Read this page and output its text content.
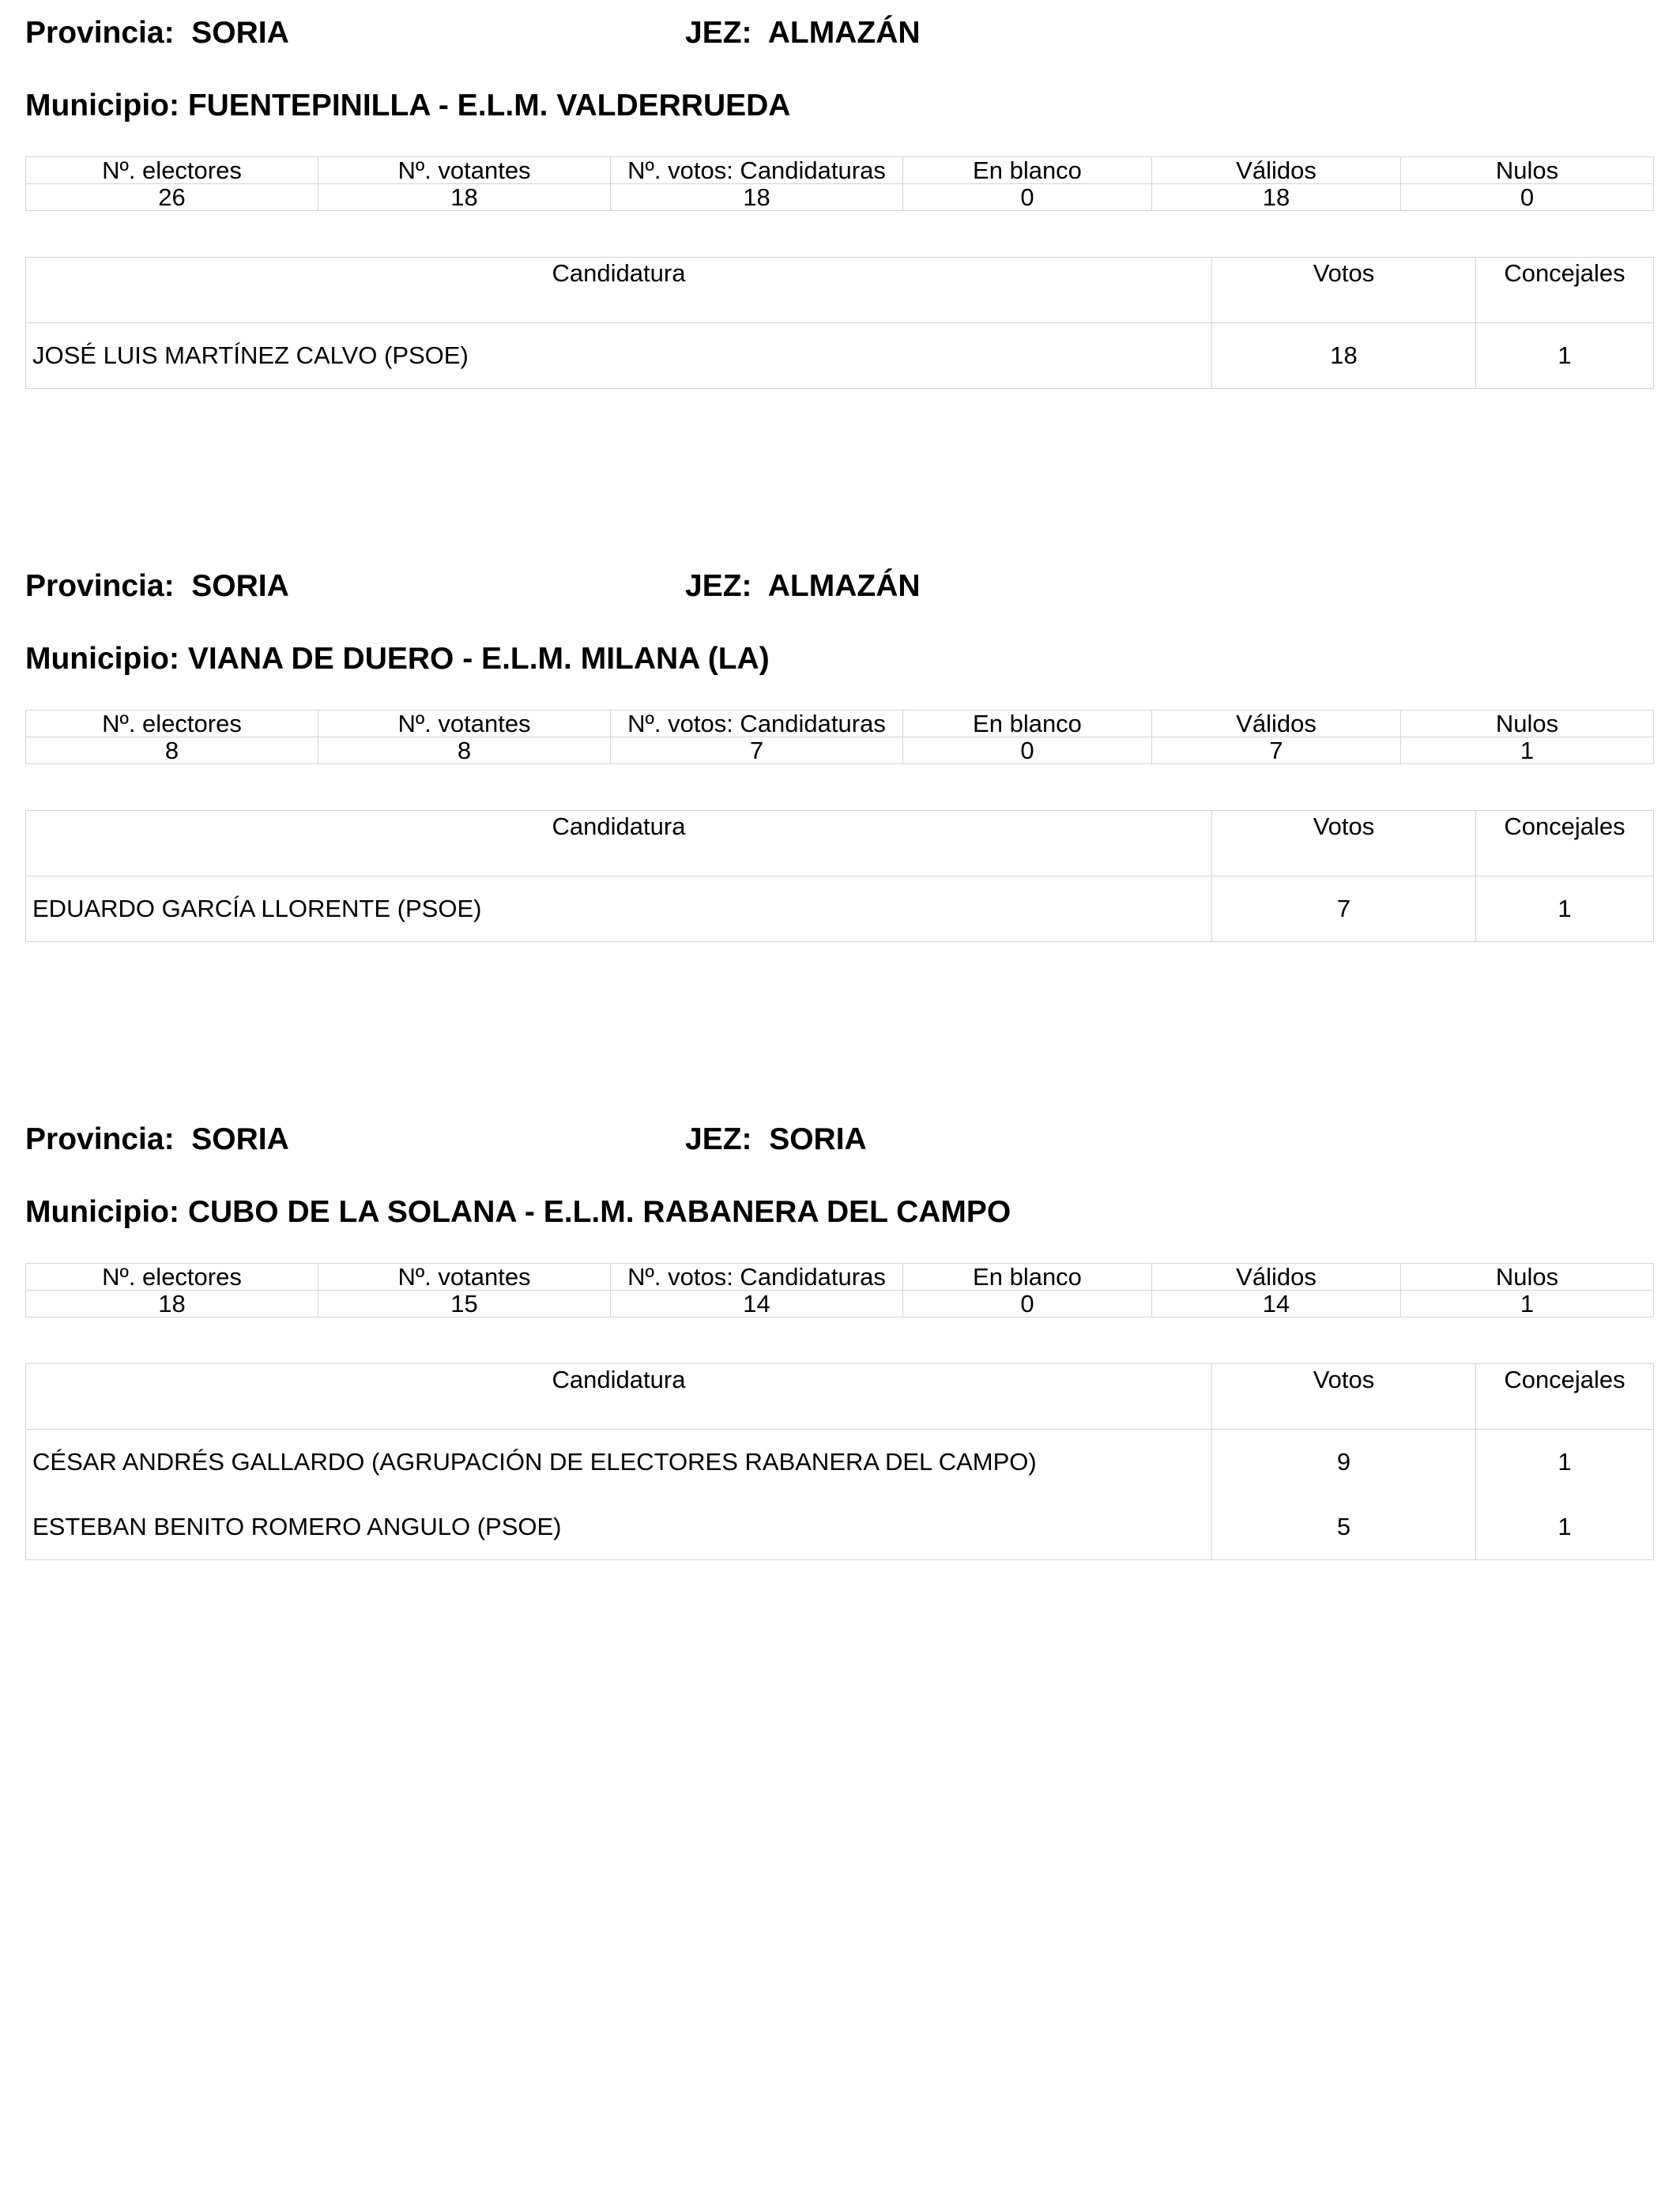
Provincia: SORIA	JEZ: ALMAZÁN
Municipio: FUENTEPINILLA - E.L.M. VALDERRUEDA
Nº. electores	Nº. votantes	Nº. votos: Candidaturas	En blanco	Válidos	Nulos
26	18	18	0	18	0
Candidatura	Votos	Concejales
JOSÉ LUIS MARTÍNEZ CALVO (PSOE)	18	1
Provincia: SORIA	JEZ: ALMAZÁN
Municipio: VIANA DE DUERO - E.L.M. MILANA (LA)
Nº. electores	Nº. votantes	Nº. votos: Candidaturas	En blanco	Válidos	Nulos
8	8	7	0	7	1
Candidatura	Votos	Concejales
EDUARDO GARCÍA LLORENTE (PSOE)	7	1
Provincia: SORIA	JEZ: SORIA
Municipio: CUBO DE LA SOLANA - E.L.M. RABANERA DEL CAMPO
Nº. electores	Nº. votantes	Nº. votos: Candidaturas	En blanco	Válidos	Nulos
18	15	14	0	14	1
Candidatura	Votos	Concejales
CÉSAR ANDRÉS GALLARDO (AGRUPACIÓN DE ELECTORES RABANERA DEL CAMPO)	9	1
ESTEBAN BENITO ROMERO ANGULO (PSOE)	5	1
